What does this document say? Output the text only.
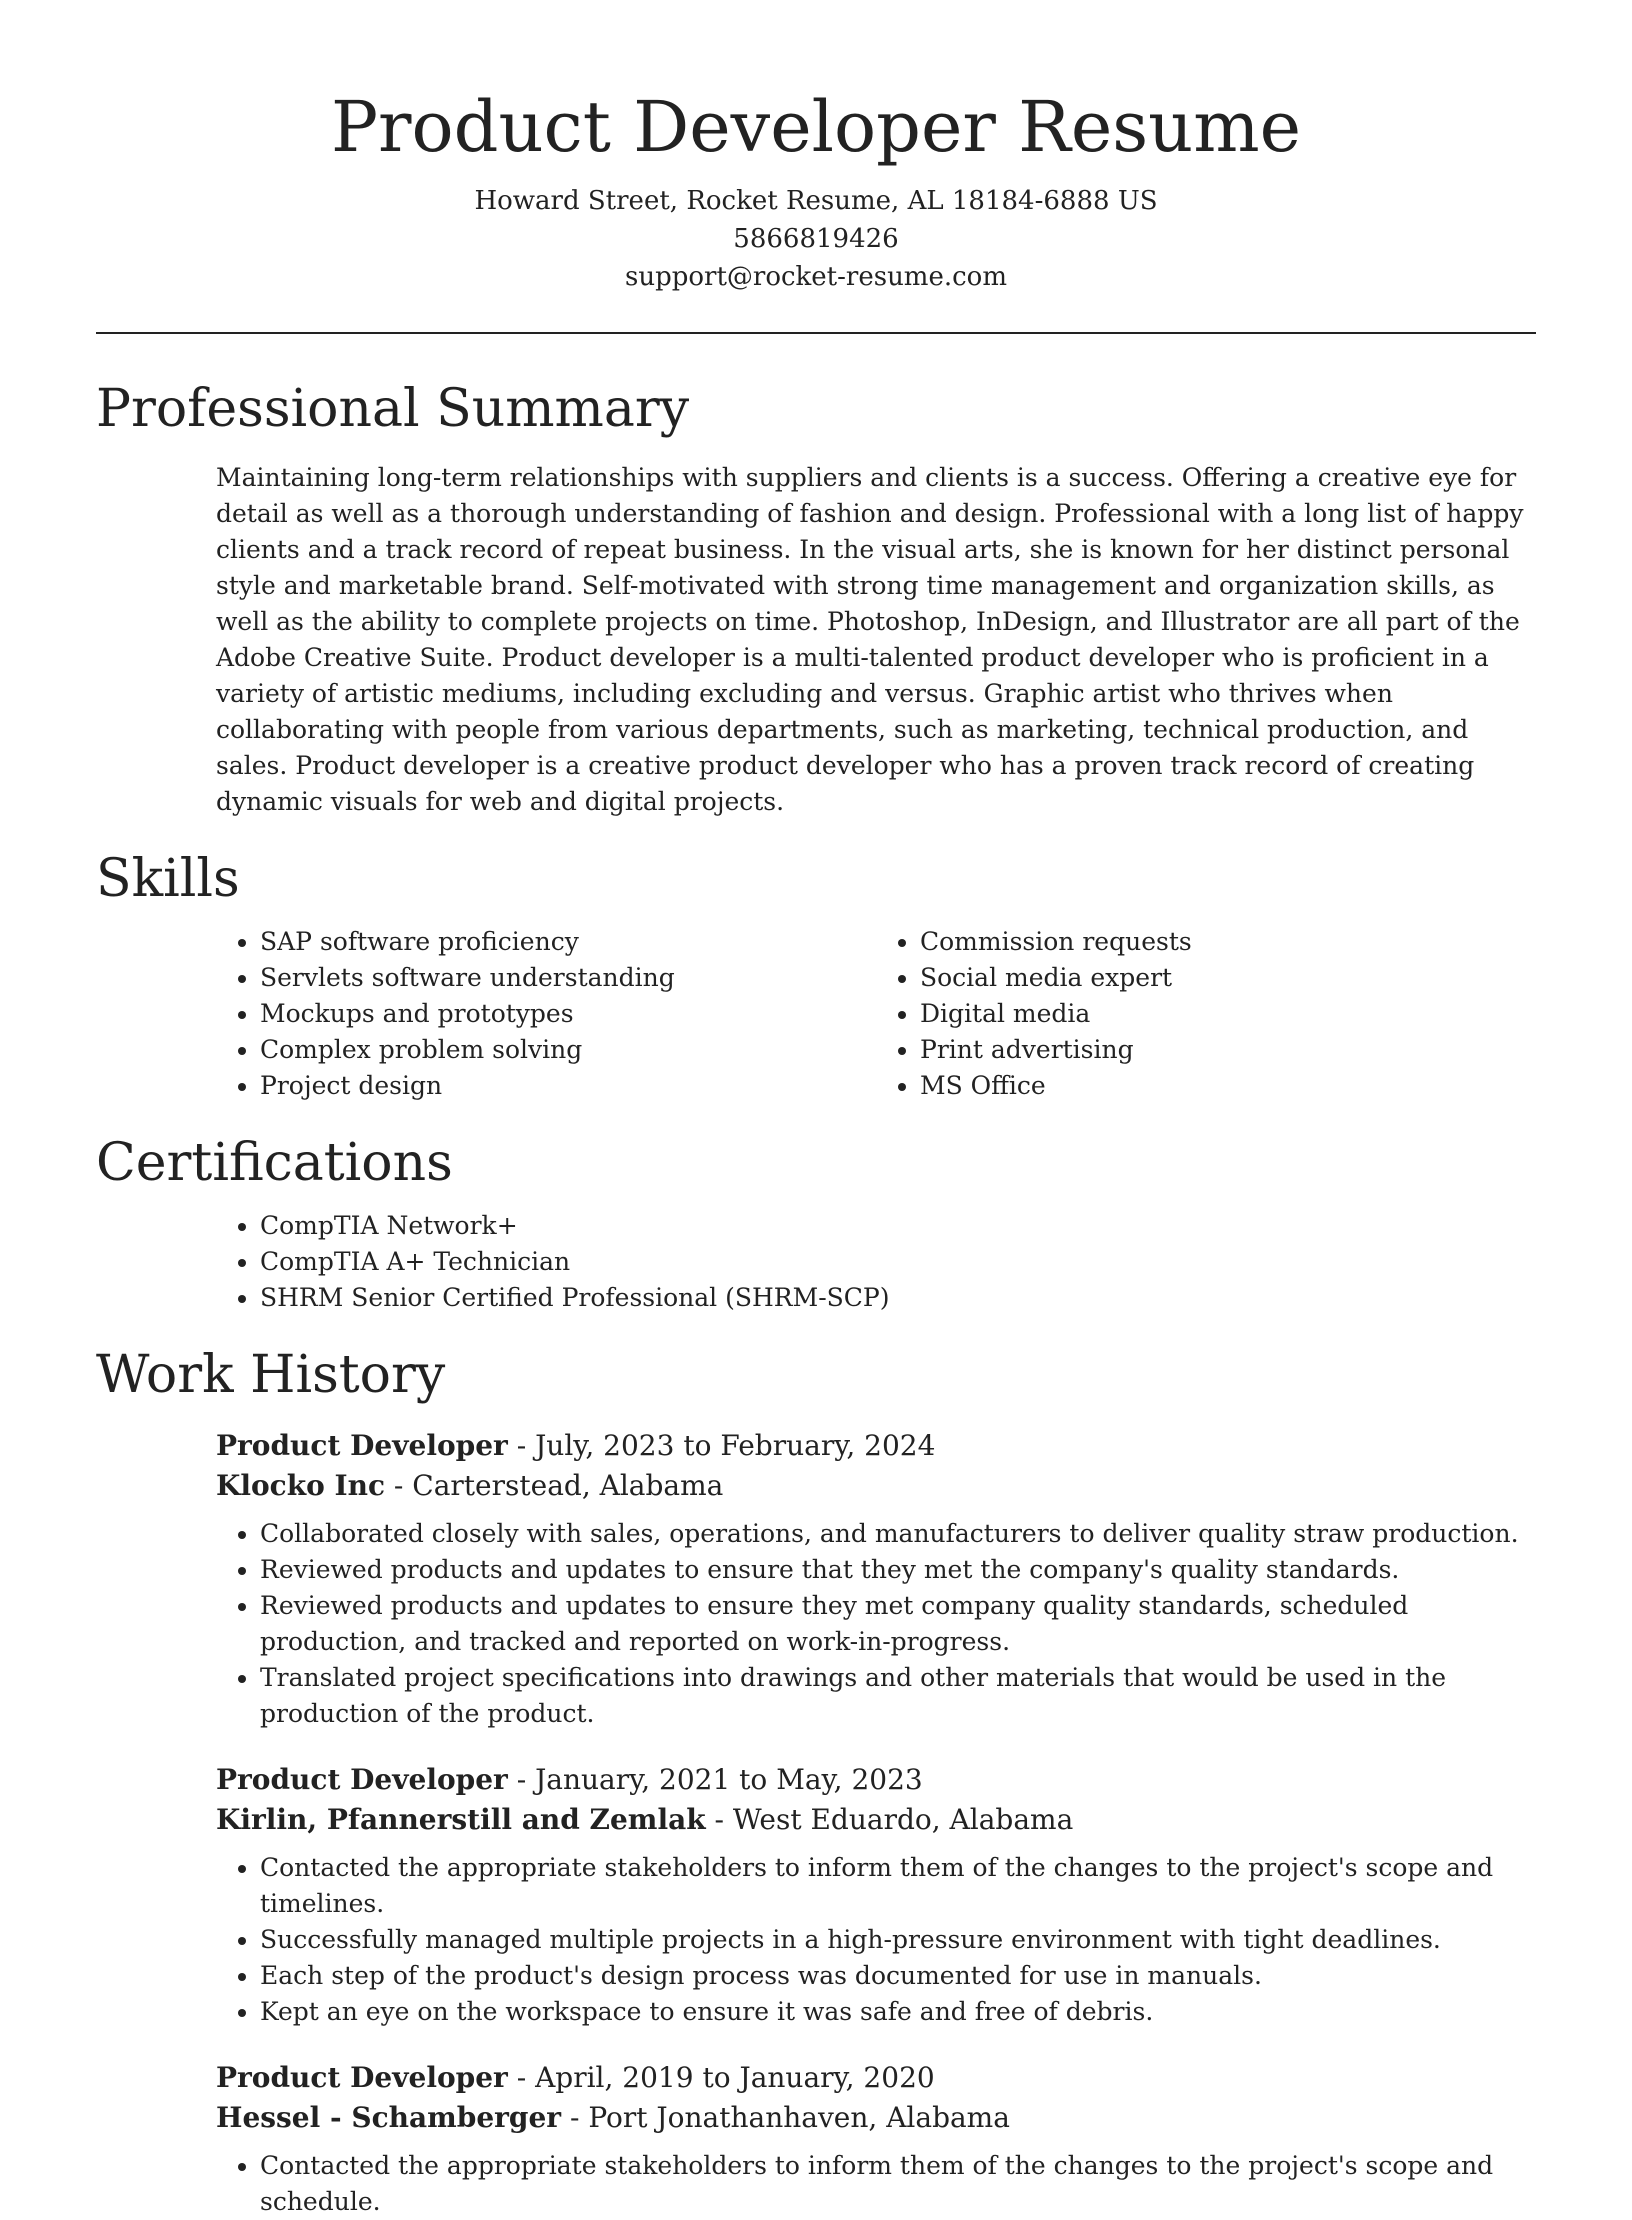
Product Developer Resume
Howard Street, Rocket Resume, AL 18184-6888 US
5866819426
support@rocket-resume.com
Professional Summary

Maintaining long-term relationships with suppliers and clients is a success. Offering a creative eye for detail as well as a thorough understanding of fashion and design. Professional with a long list of happy clients and a track record of repeat business. In the visual arts, she is known for her distinct personal style and marketable brand. Self-motivated with strong time management and organization skills, as well as the ability to complete projects on time. Photoshop, InDesign, and Illustrator are all part of the Adobe Creative Suite. Product developer is a multi-talented product developer who is proficient in a variety of artistic mediums, including excluding and versus. Graphic artist who thrives when collaborating with people from various departments, such as marketing, technical production, and sales. Product developer is a creative product developer who has a proven track record of creating dynamic visuals for web and digital projects.

Skills
• SAP software proficiency
• Servlets software understanding
• Mockups and prototypes
• Complex problem solving
• Project design
• Commission requests
• Social media expert
• Digital media
• Print advertising
• MS Office
Certifications
• CompTIA Network+
• CompTIA A+ Technician
• SHRM Senior Certified Professional (SHRM-SCP)
Work History
Product Developer - July, 2023 to February, 2024
Klocko Inc - Carterstead, Alabama
• Collaborated closely with sales, operations, and manufacturers to deliver quality straw production.
• Reviewed products and updates to ensure that they met the company's quality standards.
• Reviewed products and updates to ensure they met company quality standards, scheduled production, and tracked and reported on work-in-progress.
• Translated project specifications into drawings and other materials that would be used in the production of the product.
Product Developer - January, 2021 to May, 2023
Kirlin, Pfannerstill and Zemlak - West Eduardo, Alabama
• Contacted the appropriate stakeholders to inform them of the changes to the project's scope and timelines.
• Successfully managed multiple projects in a high-pressure environment with tight deadlines.
• Each step of the product's design process was documented for use in manuals.
• Kept an eye on the workspace to ensure it was safe and free of debris.
Product Developer - April, 2019 to January, 2020
Hessel - Schamberger - Port Jonathanhaven, Alabama
• Contacted the appropriate stakeholders to inform them of the changes to the project's scope and schedule.
